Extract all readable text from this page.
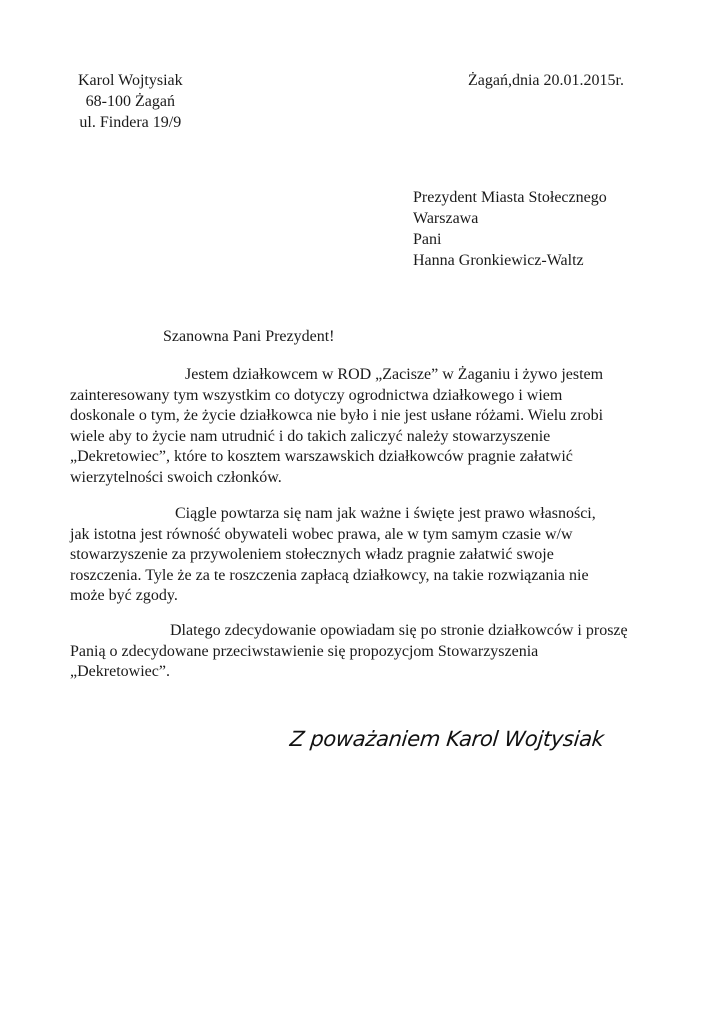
Karol Wojtysiak
68-100 Żagań
ul. Findera 19/9
Żagań,dnia 20.01.2015r.
Prezydent Miasta Stołecznego
Warszawa
Pani
Hanna Gronkiewicz-Waltz
Szanowna Pani Prezydent!
Jestem działkowcem w ROD „Zacisze” w Żaganiu i żywo jestem
zainteresowany tym wszystkim co dotyczy ogrodnictwa działkowego i wiem
doskonale o tym, że życie działkowca nie było i nie jest usłane różami. Wielu zrobi
wiele aby to życie nam utrudnić i do takich zaliczyć należy stowarzyszenie
„Dekretowiec”, które to kosztem warszawskich działkowców pragnie załatwić
wierzytelności swoich członków.
Ciągle powtarza się nam jak ważne i święte jest prawo własności,
jak istotna jest równość obywateli wobec prawa, ale w tym samym czasie w/w
stowarzyszenie za przywoleniem stołecznych władz pragnie załatwić swoje
roszczenia. Tyle że za te roszczenia zapłacą działkowcy, na takie rozwiązania nie
może być zgody.
Dlatego zdecydowanie opowiadam się po stronie działkowców i proszę
Panią o zdecydowane przeciwstawienie się propozycjom Stowarzyszenia
„Dekretowiec”.
Z poważaniem Karol Wojtysiak
